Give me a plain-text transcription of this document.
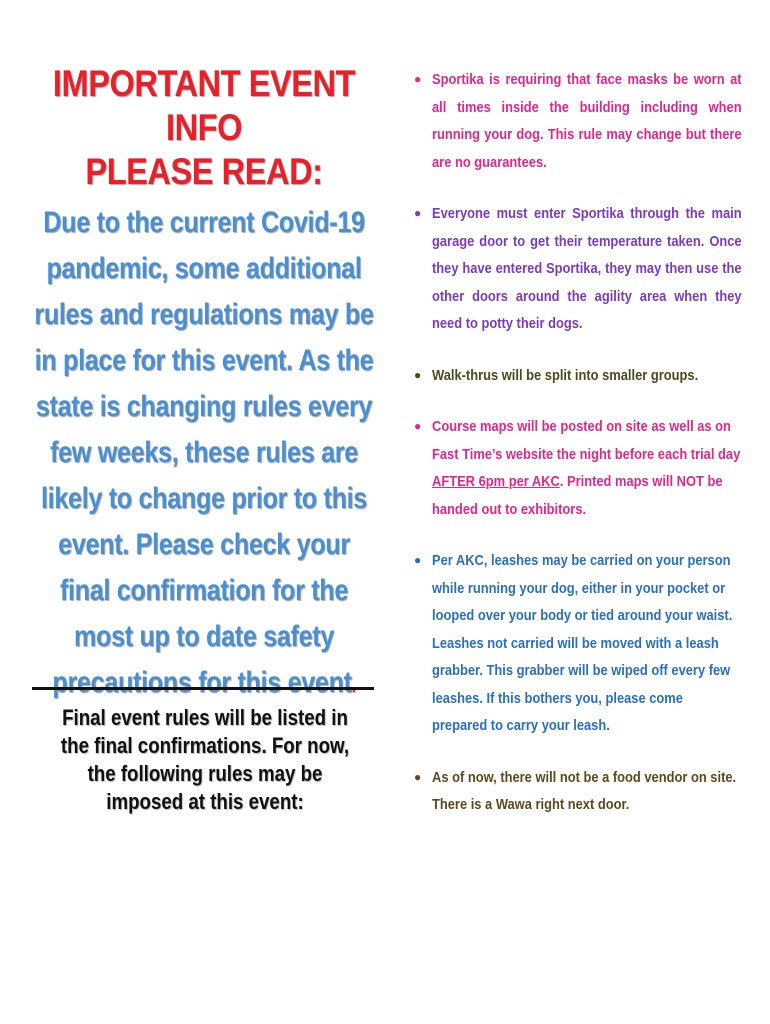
IMPORTANT EVENT INFO
PLEASE READ:
Due to the current Covid-19 pandemic, some additional rules and regulations may be in place for this event. As the state is changing rules every few weeks, these rules are likely to change prior to this event. Please check your final confirmation for the most up to date safety precautions for this event.
Final event rules will be listed in the final confirmations. For now, the following rules may be imposed at this event:
● Sportika is requiring that face masks be worn at all times inside the building including when running your dog. This rule may change but there are no guarantees.
● Everyone must enter Sportika through the main garage door to get their temperature taken. Once they have entered Sportika, they may then use the other doors around the agility area when they need to potty their dogs.
● Walk-thrus will be split into smaller groups.
● Course maps will be posted on site as well as on Fast Time’s website the night before each trial day AFTER 6pm per AKC. Printed maps will NOT be handed out to exhibitors.
● Per AKC, leashes may be carried on your person while running your dog, either in your pocket or looped over your body or tied around your waist. Leashes not carried will be moved with a leash grabber. This grabber will be wiped off every few leashes. If this bothers you, please come prepared to carry your leash.
● As of now, there will not be a food vendor on site. There is a Wawa right next door.
